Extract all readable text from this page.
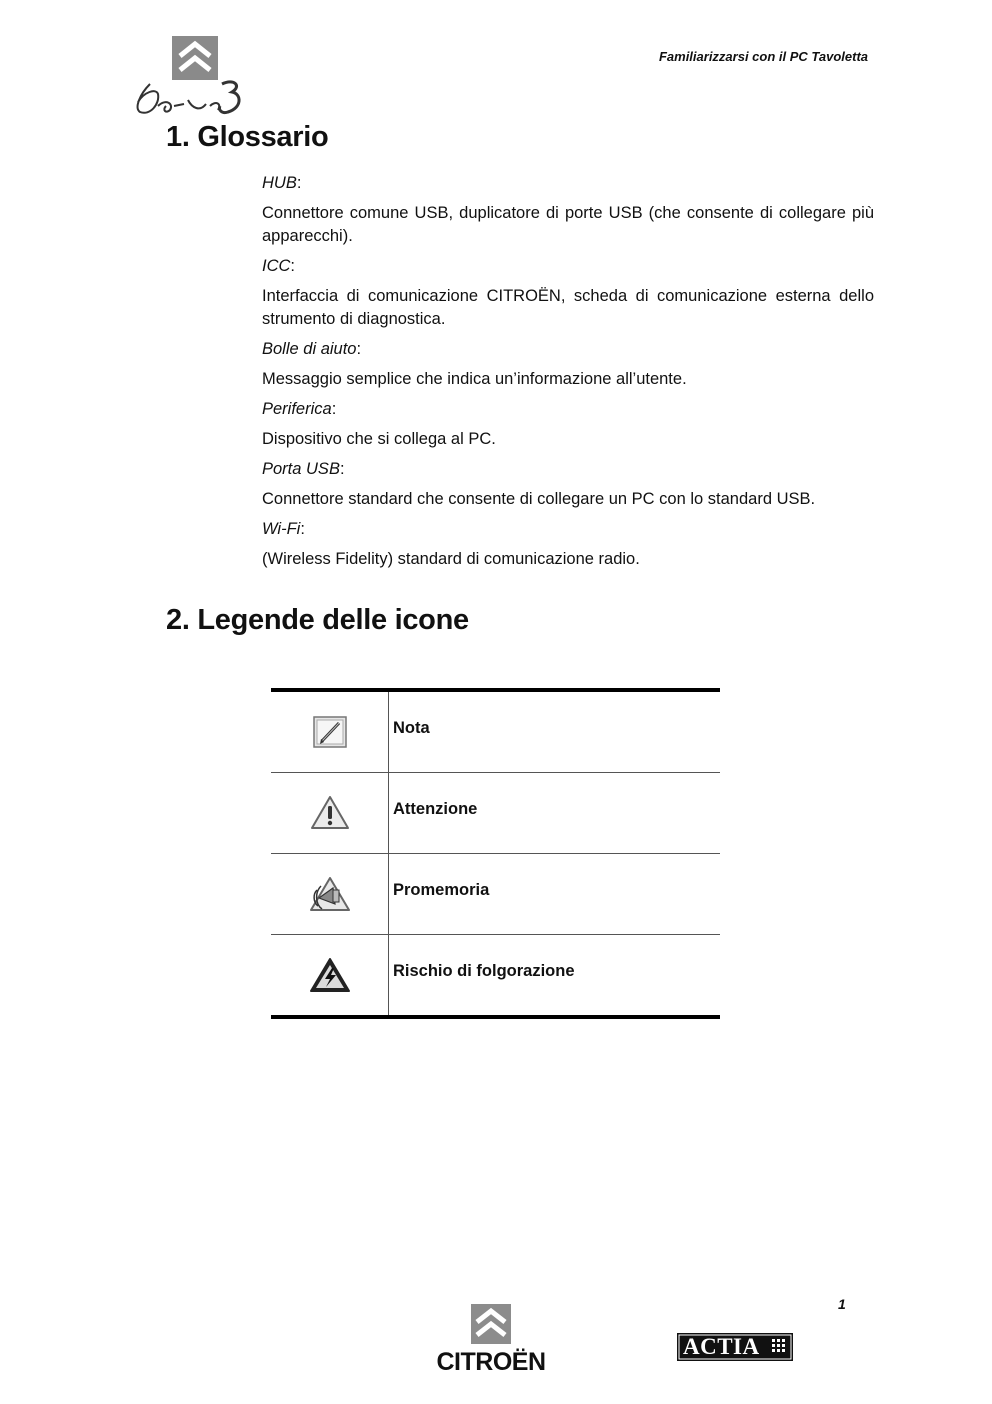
Familiarizzarsi con il PC Tavoletta
1. Glossario
HUB:
Connettore comune USB, duplicatore di porte USB (che consente di collegare più apparecchi).
ICC:
Interfaccia di comunicazione CITROËN, scheda di comunicazione esterna dello strumento di diagnostica.
Bolle di aiuto:
Messaggio semplice che indica un’informazione all’utente.
Periferica:
Dispositivo che si collega al PC.
Porta USB:
Connettore standard che consente di collegare un PC con lo standard USB.
Wi-Fi:
(Wireless Fidelity) standard di comunicazione radio.
2. Legende delle icone
Nota
Attenzione
Promemoria
Rischio di folgorazione
1
CITROËN
ACTIA
